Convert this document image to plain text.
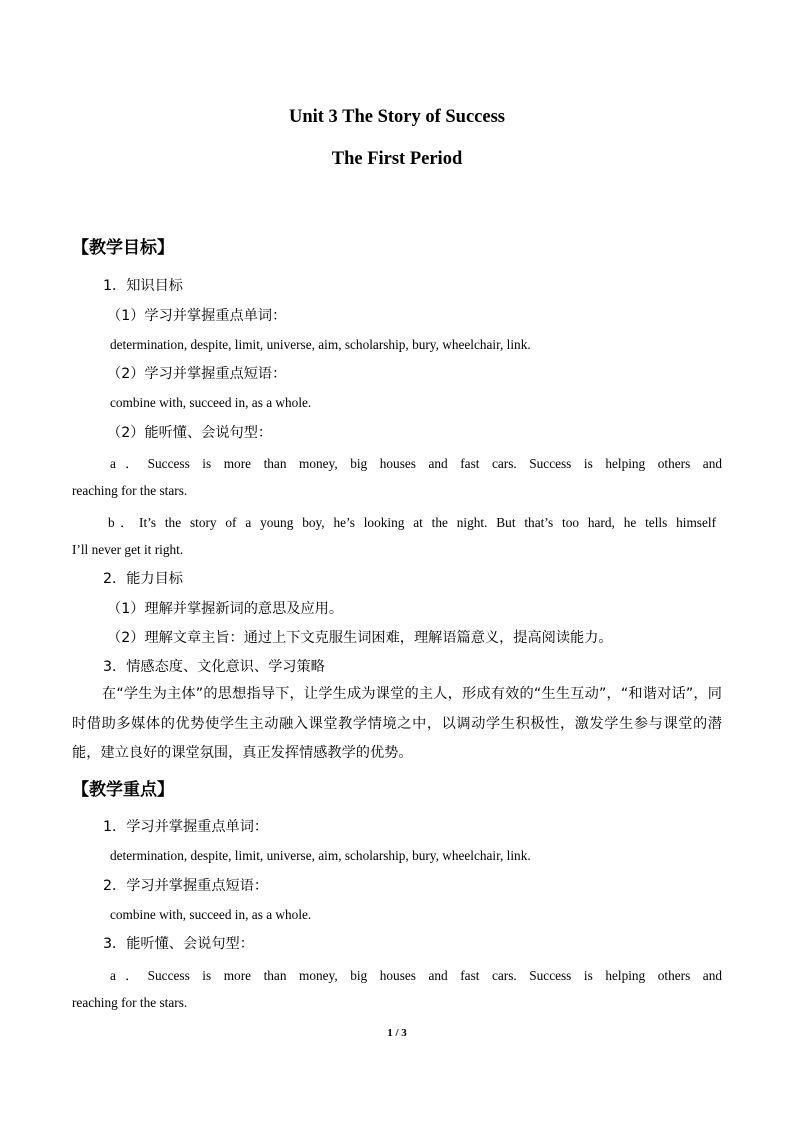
Unit 3 The Story of Success
The First Period
【教学目标】
1．知识目标
（1）学习并掌握重点单词：
determination, despite, limit, universe, aim, scholarship, bury, wheelchair, link.
（2）学习并掌握重点短语：
combine with, succeed in, as a whole.
（2）能听懂、会说句型：
a．Success is more than money, big houses and fast cars. Success is helping others and
reaching for the stars.
b．It’s the story of a young boy, he’s looking at the night. But that’s too hard, he tells himself
I’ll never get it right.
2．能力目标
（1）理解并掌握新词的意思及应用。
（2）理解文章主旨：通过上下文克服生词困难，理解语篇意义，提高阅读能力。
3．情感态度、文化意识、学习策略
在“学生为主体”的思想指导下，让学生成为课堂的主人，形成有效的“生生互动”，“和谐对话”，同时借助多媒体的优势使学生主动融入课堂教学情境之中，以调动学生积极性，激发学生参与课堂的潜能，建立良好的课堂氛围，真正发挥情感教学的优势。
【教学重点】
1．学习并掌握重点单词：
determination, despite, limit, universe, aim, scholarship, bury, wheelchair, link.
2．学习并掌握重点短语：
combine with, succeed in, as a whole.
3．能听懂、会说句型：
a．Success is more than money, big houses and fast cars. Success is helping others and
reaching for the stars.
1 / 3
